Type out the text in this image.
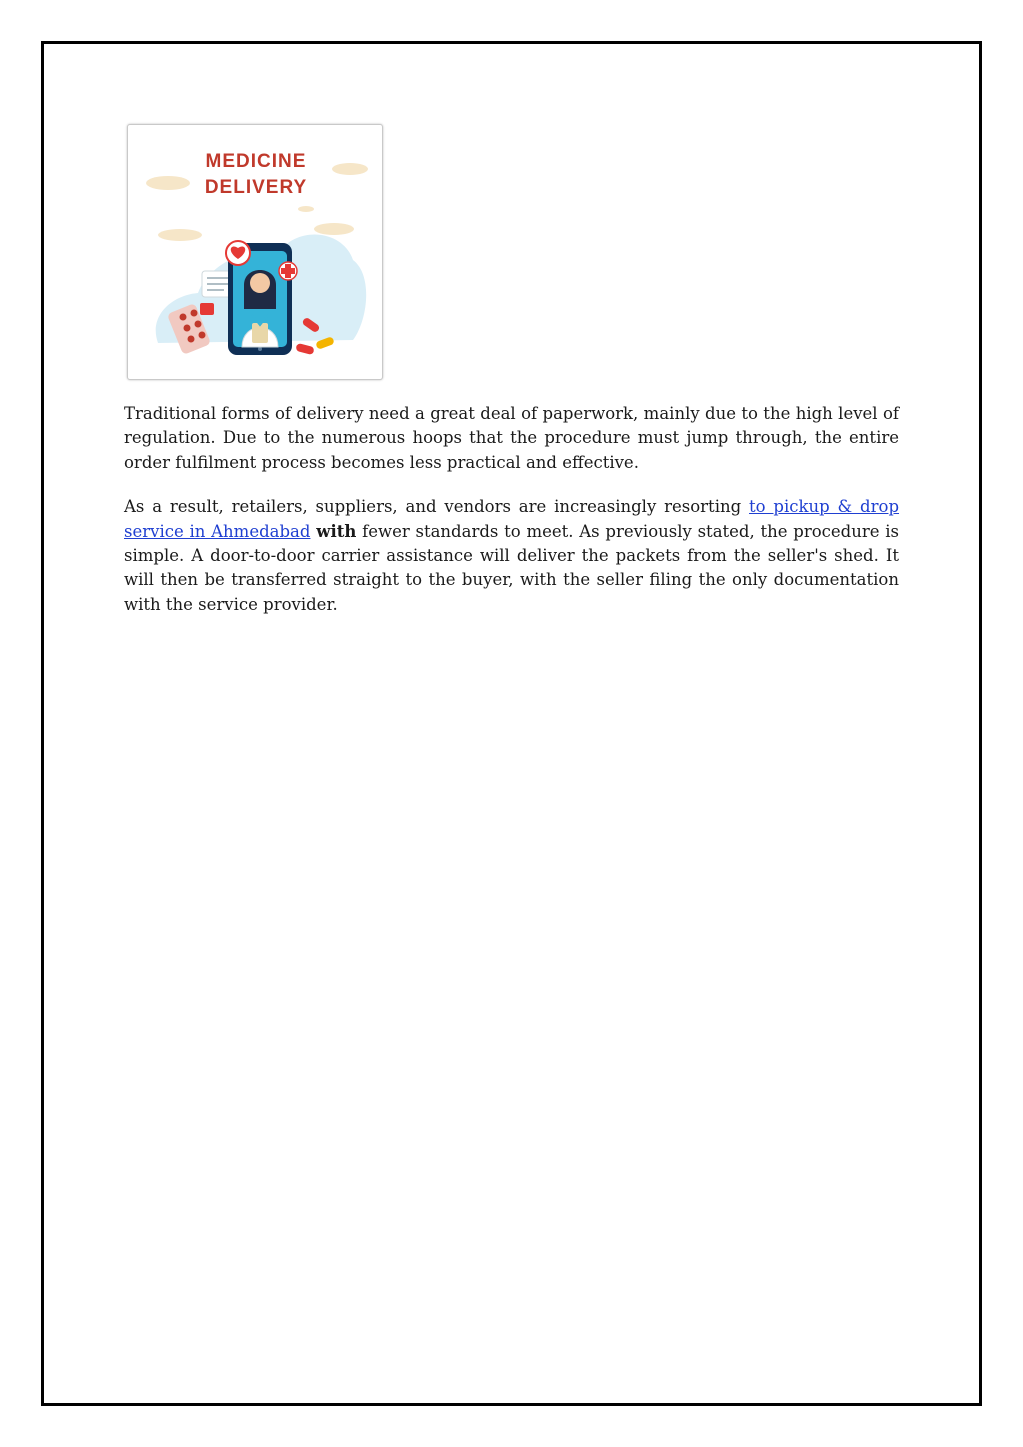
MEDICINE
DELIVERY

Traditional forms of delivery need a great deal of paperwork, mainly due to the high level of regulation. Due to the numerous hoops that the procedure must jump through, the entire order fulfilment process becomes less practical and effective.

As a result, retailers, suppliers, and vendors are increasingly resorting to pickup & drop service in Ahmedabad with fewer standards to meet. As previously stated, the procedure is simple. A door-to-door carrier assistance will deliver the packets from the seller's shed. It will then be transferred straight to the buyer, with the seller filing the only documentation with the service provider.
